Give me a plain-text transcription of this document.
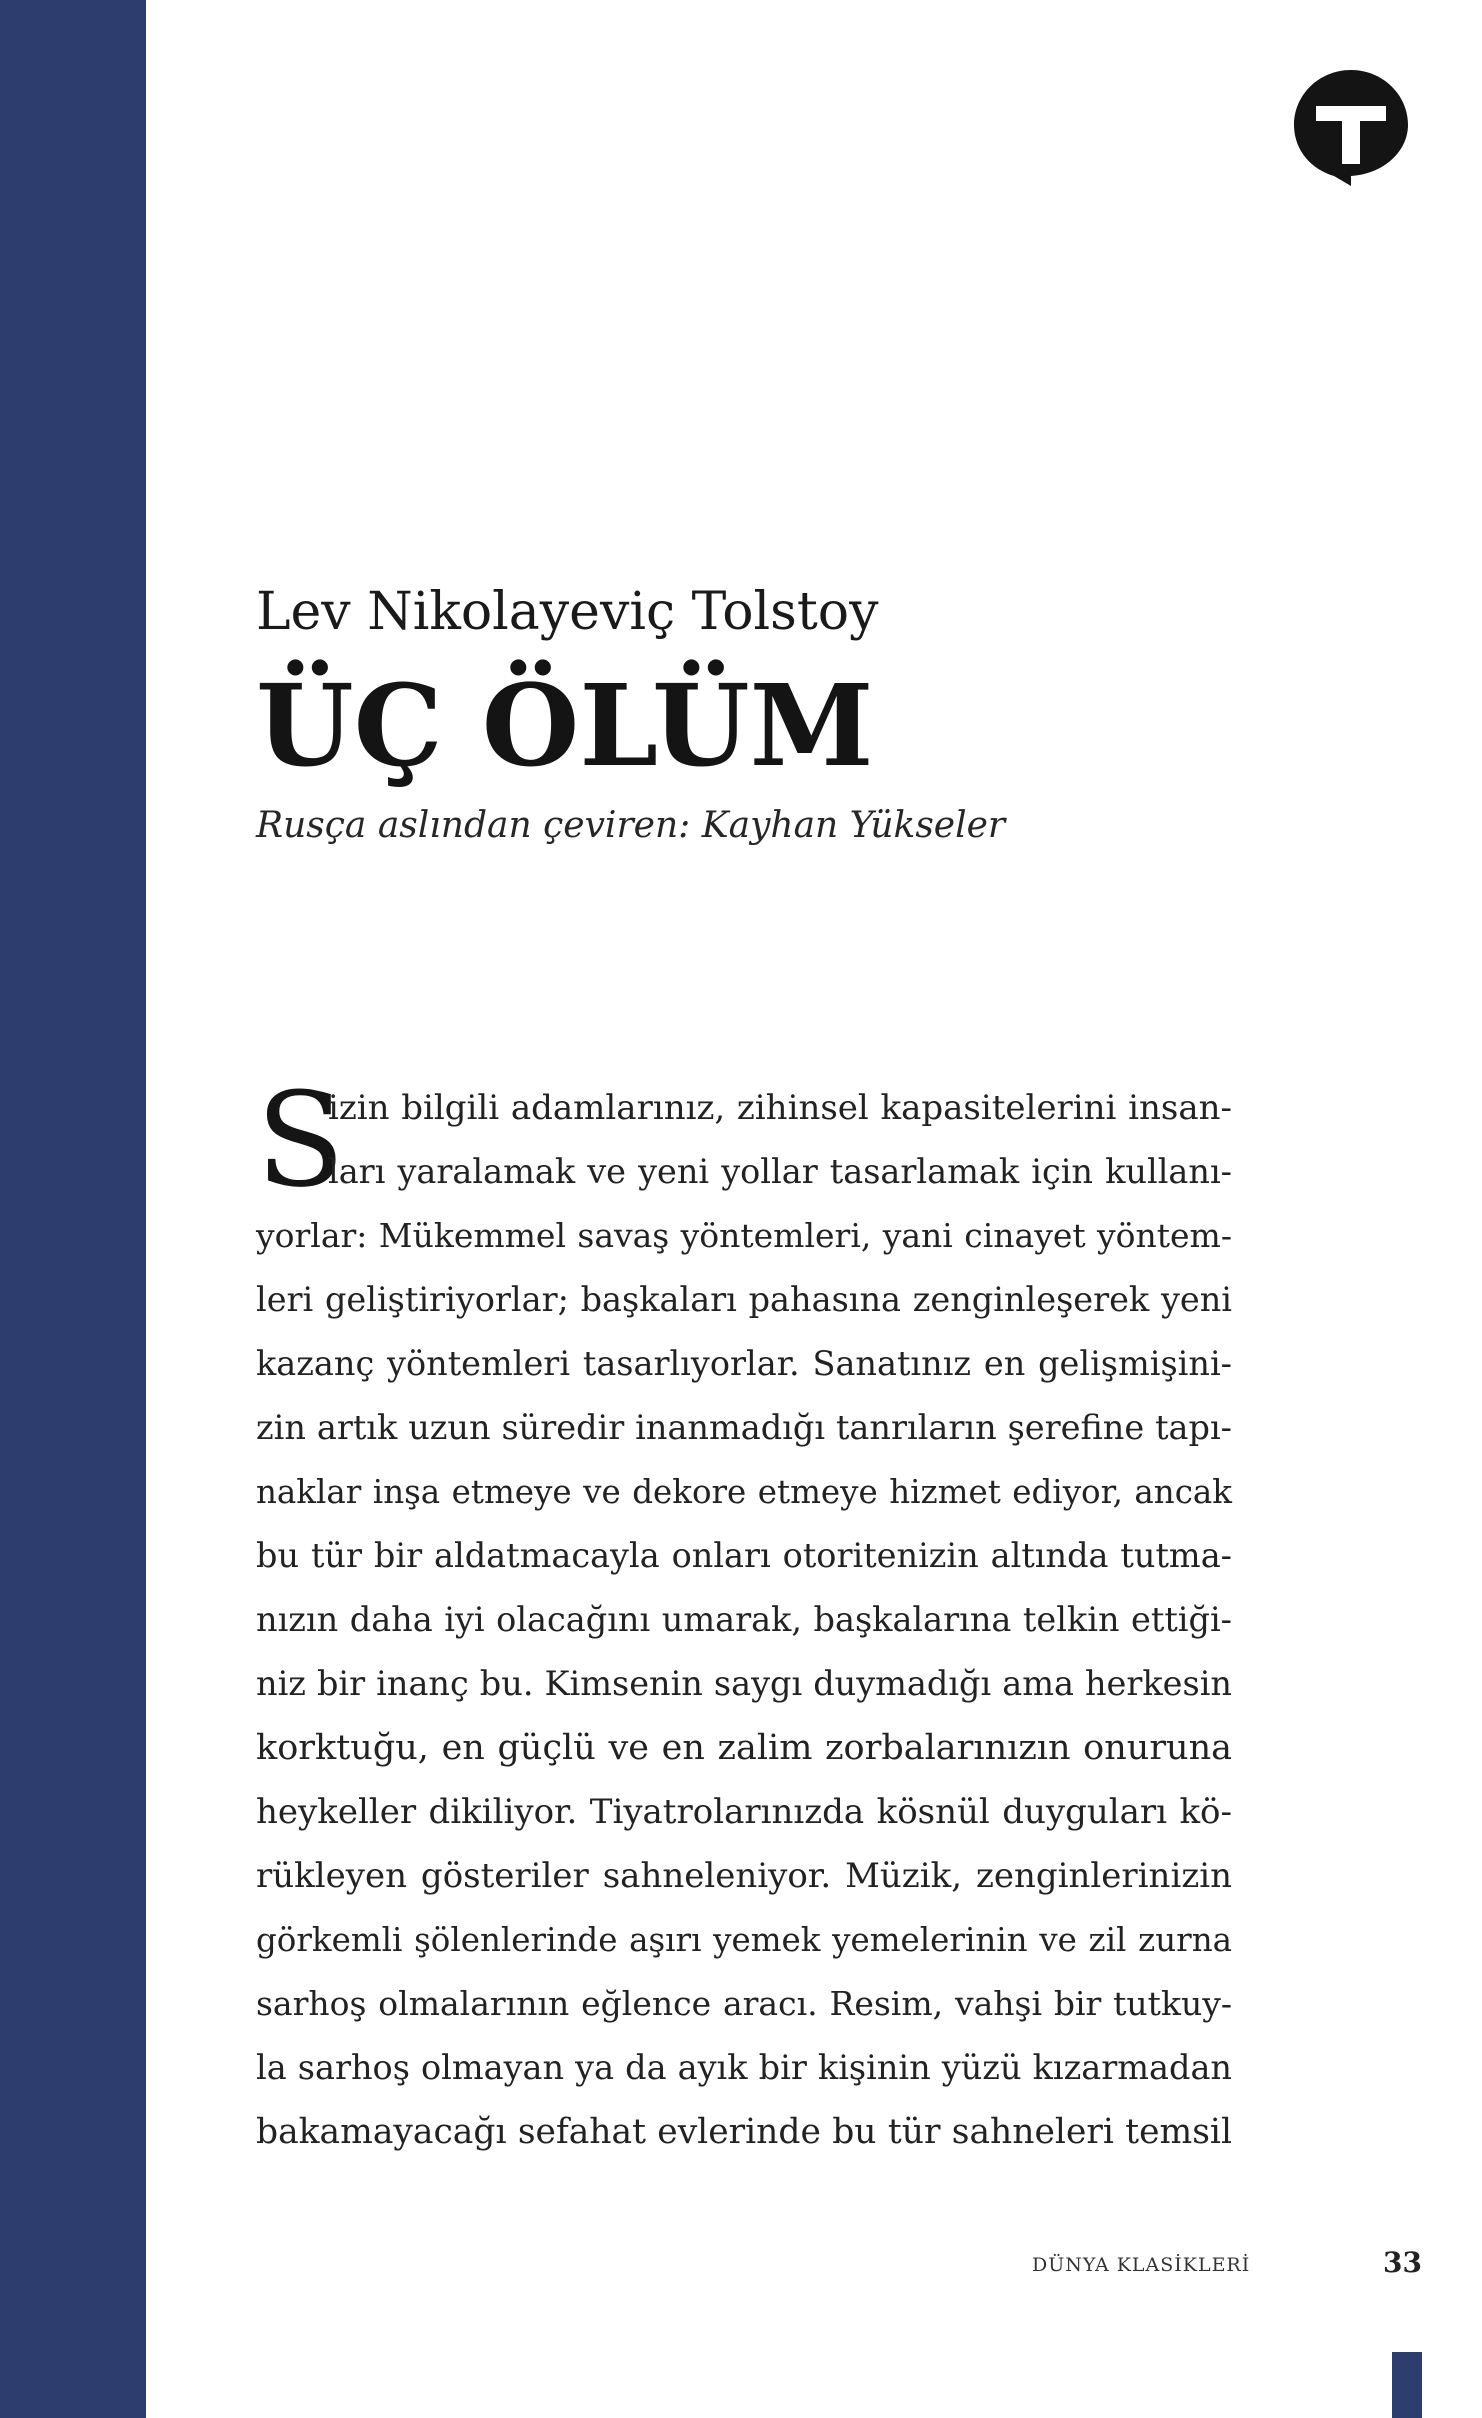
Lev Nikolayeviç Tolstoy
ÜÇ ÖLÜM
Rusça aslından çeviren: Kayhan Yükseler
S
izin bilgili adamlarınız, zihinsel kapasitelerini insan-
ları yaralamak ve yeni yollar tasarlamak için kullanı-
yorlar: Mükemmel savaş yöntemleri, yani cinayet yöntem-
leri geliştiriyorlar; başkaları pahasına zenginleşerek yeni
kazanç yöntemleri tasarlıyorlar. Sanatınız en gelişmişini-
zin artık uzun süredir inanmadığı tanrıların şerefine tapı-
naklar inşa etmeye ve dekore etmeye hizmet ediyor, ancak
bu tür bir aldatmacayla onları otoritenizin altında tutma-
nızın daha iyi olacağını umarak, başkalarına telkin ettiği-
niz bir inanç bu. Kimsenin saygı duymadığı ama herkesin
korktuğu, en güçlü ve en zalim zorbalarınızın onuruna
heykeller dikiliyor. Tiyatrolarınızda kösnül duyguları kö-
rükleyen gösteriler sahneleniyor. Müzik, zenginlerinizin
görkemli şölenlerinde aşırı yemek yemelerinin ve zil zurna
sarhoş olmalarının eğlence aracı. Resim, vahşi bir tutkuy-
la sarhoş olmayan ya da ayık bir kişinin yüzü kızarmadan
bakamayacağı sefahat evlerinde bu tür sahneleri temsil
DÜNYA KLASİKLERİ	33
